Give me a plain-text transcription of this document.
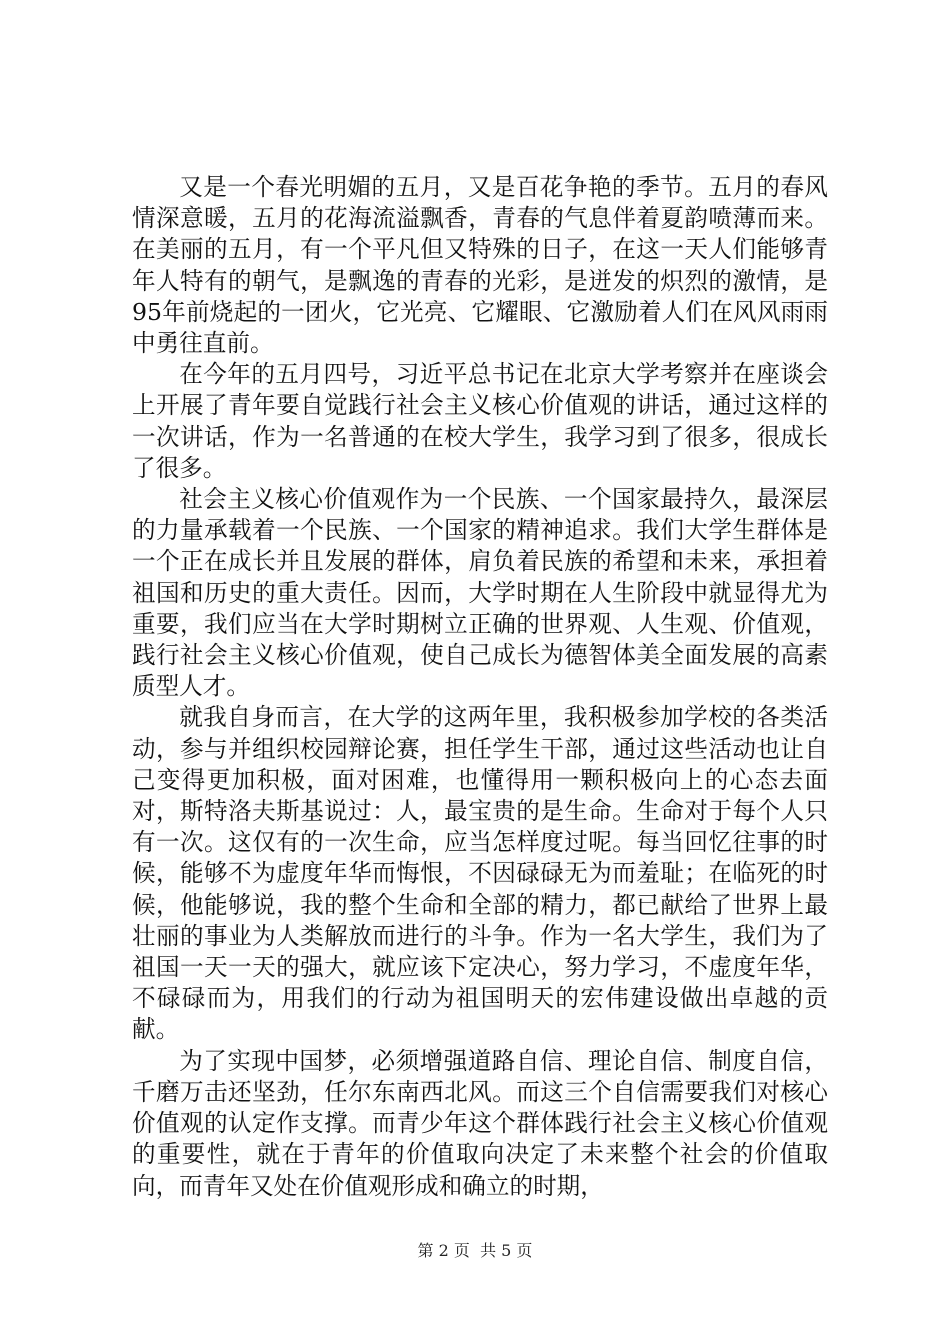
又是一个春光明媚的五月，又是百花争艳的季节。五月的春风情深意暖，五月的花海流溢飘香，青春的气息伴着夏韵喷薄而来。在美丽的五月，有一个平凡但又特殊的日子，在这一天人们能够青年人特有的朝气，是飘逸的青春的光彩，是迸发的炽烈的激情，是95年前烧起的一团火，它光亮、它耀眼、它激励着人们在风风雨雨中勇往直前。

在今年的五月四号，习近平总书记在北京大学考察并在座谈会上开展了青年要自觉践行社会主义核心价值观的讲话，通过这样的一次讲话，作为一名普通的在校大学生，我学习到了很多，很成长了很多。

社会主义核心价值观作为一个民族、一个国家最持久，最深层的力量承载着一个民族、一个国家的精神追求。我们大学生群体是一个正在成长并且发展的群体，肩负着民族的希望和未来，承担着祖国和历史的重大责任。因而，大学时期在人生阶段中就显得尤为重要，我们应当在大学时期树立正确的世界观、人生观、价值观，践行社会主义核心价值观，使自己成长为德智体美全面发展的高素质型人才。

就我自身而言，在大学的这两年里，我积极参加学校的各类活动，参与并组织校园辩论赛，担任学生干部，通过这些活动也让自己变得更加积极，面对困难，也懂得用一颗积极向上的心态去面对，斯特洛夫斯基说过：人，最宝贵的是生命。生命对于每个人只有一次。这仅有的一次生命，应当怎样度过呢。每当回忆往事的时候，能够不为虚度年华而悔恨，不因碌碌无为而羞耻；在临死的时候，他能够说，我的整个生命和全部的精力，都已献给了世界上最壮丽的事业为人类解放而进行的斗争。作为一名大学生，我们为了祖国一天一天的强大，就应该下定决心，努力学习，不虚度年华，不碌碌而为，用我们的行动为祖国明天的宏伟建设做出卓越的贡献。

为了实现中国梦，必须增强道路自信、理论自信、制度自信，千磨万击还坚劲，任尔东南西北风。而这三个自信需要我们对核心价值观的认定作支撑。而青少年这个群体践行社会主义核心价值观的重要性，就在于青年的价值取向决定了未来整个社会的价值取向，而青年又处在价值观形成和确立的时期，

第 2 页  共 5 页
